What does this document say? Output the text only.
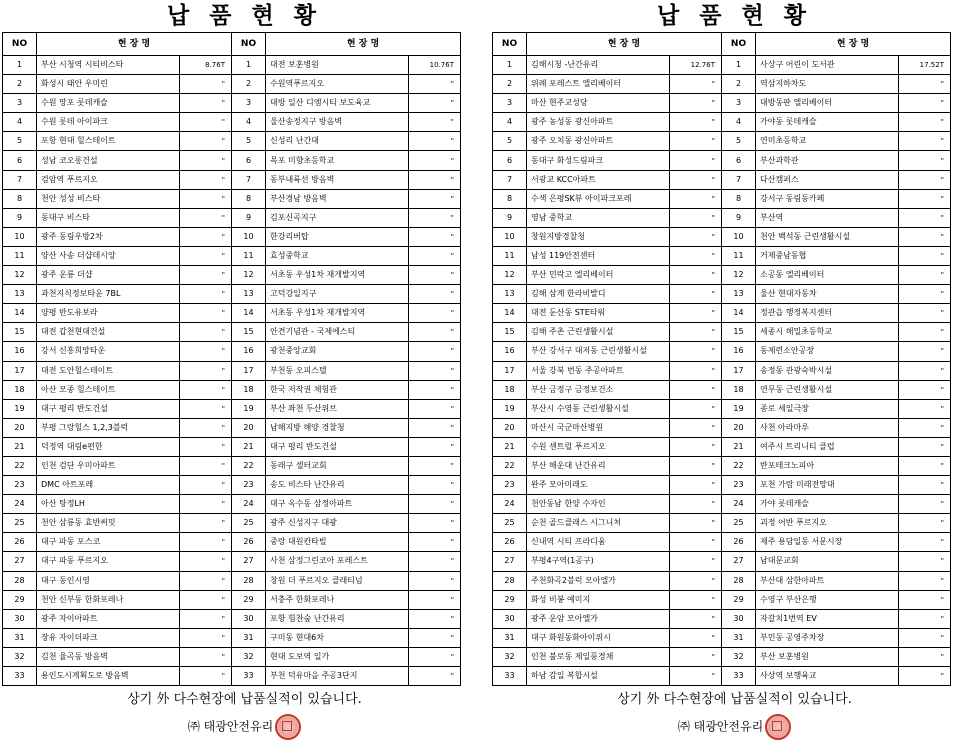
납 품 현 황
NO	현 장 명		NO	현 장 명	
1	부산 시청역 시티비스타	8.76T	1	대전 보훈병원	10.76T
2	화성시 태안 우미린	"	2	수원역푸르지오	"
3	수원 망포 롯데캐슬	"	3	대방 일산 디엠시티 보도육교	"
4	수원 롯데 아이파크	"	4	울산송정지구 방음벽	"
5	포항 현대 힐스테이트	"	5	신성리 난간대	"
6	성남 코오롱건설	"	6	목포 미향초등학교	"
7	검암역 푸르지오	"	7	동부내륙선 방음벽	"
8	천안 성성 비스타	"	8	부산경남 방음벽	"
9	동대구 비스타	"	9	김포신곡지구	"
10	광주 동림우방2차	"	10	한강리버탑	"
11	양산 사송 더샵데시앙	"	11	효성중학교	"
12	광주 운룡 더샵	"	12	서초동 우성1차 재개발지역	"
13	과천지식정보타운 7BL	"	13	고덕강일지구	"
14	양평 반도유보라	"	14	서초동 우성1차 재개발지역	"
15	대전 갑천현대건설	"	15	안견기념관 - 국제에스티	"
16	강서 신흥희망타운	"	16	광천중앙교회	"
17	대전 도안힐스테이트	"	17	부천동 오피스텔	"
18	아산 모종 힐스테이트	"	18	한국 저작권 체험관	"
19	대구 평리 반도건설	"	19	부산 좌천 두산위브	"
20	부평 그랑힐스 1,2,3블럭	"	20	남해지방 해양 경찰청	"
21	덕정역 대림e편한	"	21	대구 평리 반도건설	"
22	인천 검단 우미아파트	"	22	동래구 셀터교회	"
23	DMC 아트포레	"	23	송도 비스타 난간유리	"
24	아산 탕정LH	"	24	대구 옥수동 삼정아파트	"
25	천안 삼룡동 효반써밋	"	25	광주 신성지구 대광	"
26	대구 파동 포스코	"	26	중랑 대원칸타빌	"
27	대구 파동 푸르지오	"	27	사천 삼정그린코아 포레스트	"
28	대구 동인시영	"	28	창원 더 푸르지오 클래티넘	"
29	천안 신부동 한화포레나	"	29	서충주 한화포레나	"
30	광주 자이아파트	"	30	포항 힘찬숲 난간유리	"
31	장유 자이더파크	"	31	구미동 현대6차	"
32	김천 율곡동 방음벽	"	32	현대 도보역 일가	"
33	용인도시계획도로 방음벽	"	33	부천 덕유마을 주공3단지	"
상기 外 다수현장에 납품실적이 있습니다.
㈜ 태광안전유리
납 품 현 황
NO	현 장 명		NO	현 장 명	
1	김해시청 -난간유리	12.76T	1	사상구 어린이 도서관	17.52T
2	위례 포레스트 엘리베이터	"	2	역삼지하차도	"
3	마산 현주교성당	"	3	대방동판 엘리베이터	"
4	광주 농성동 광신아파트	"	4	가야동 롯데캐슬	"
5	광주 오치동 광신아파트	"	5	연미초등학교	"
6	동대구 화성드림파크	"	6	부산과학관	"
7	서광교 KCC아파트	"	7	다산캠퍼스	"
8	수색 은평SK뷰 아이파크포레	"	8	강서구 동림동카페	"
9	영남 중학교	"	9	부산역	"
10	창원지방경찰청	"	10	천안 백석동 근린생활시설	"
11	남성 119안전센터	"	11	거제중남동협	"
12	부산 민락고 엘리베이터	"	12	소공동 엘리베이터	"
13	김해 삼계 한라비발디	"	13	울산 현대자동차	"
14	대전 둔산동 STE타워	"	14	정관읍 행정복지센터	"
15	김해 주촌 근린생활시설	"	15	세종시 해밀초등학교	"
16	부산 강서구 대저동 근린생활시설	"	16	동제련소안공장	"
17	서울 강북 번동 주공아파트	"	17	송정동 관광숙박시설	"
18	부산 금정구 금정보건소	"	18	연무동 근린생활시설	"
19	부산시 수영동 근린생활시설	"	19	종로 세일극장	"
20	마산시 국군마산병원	"	20	사천 아라마루	"
21	수원 센트럴 푸르지오	"	21	여주시 트리니티 클럽	"
22	부산 해운대 난간유리	"	22	반포테크노피아	"
23	완주 모아미래도	"	23	포천 가람 미래전망대	"
24	천안동남 한양 수자인	"	24	가야 롯데캐슬	"
25	순천 골드클래스 시그니처	"	25	괴정 어반 푸르지오	"
26	신내역 시티 프라디움	"	26	제주 용담일동 서문시장	"
27	부평4구역(1공구)	"	27	남대문교회	"
28	주천화곡2블럭 모아엘가	"	28	부산대 삼한아파트	"
29	화성 비봉 예미지	"	29	수영구 부산은행	"
30	광주 운암 모아엘가	"	30	자갈치1번역 EV	"
31	대구 화원동화아이위시	"	31	부민동 공영주차장	"
32	인천 불로동 제일풍경채	"	32	부산 보훈병원	"
33	하남 감일 복합시설	"	33	사상역 보행육교	"
상기 外 다수현장에 납품실적이 있습니다.
㈜ 태광안전유리
